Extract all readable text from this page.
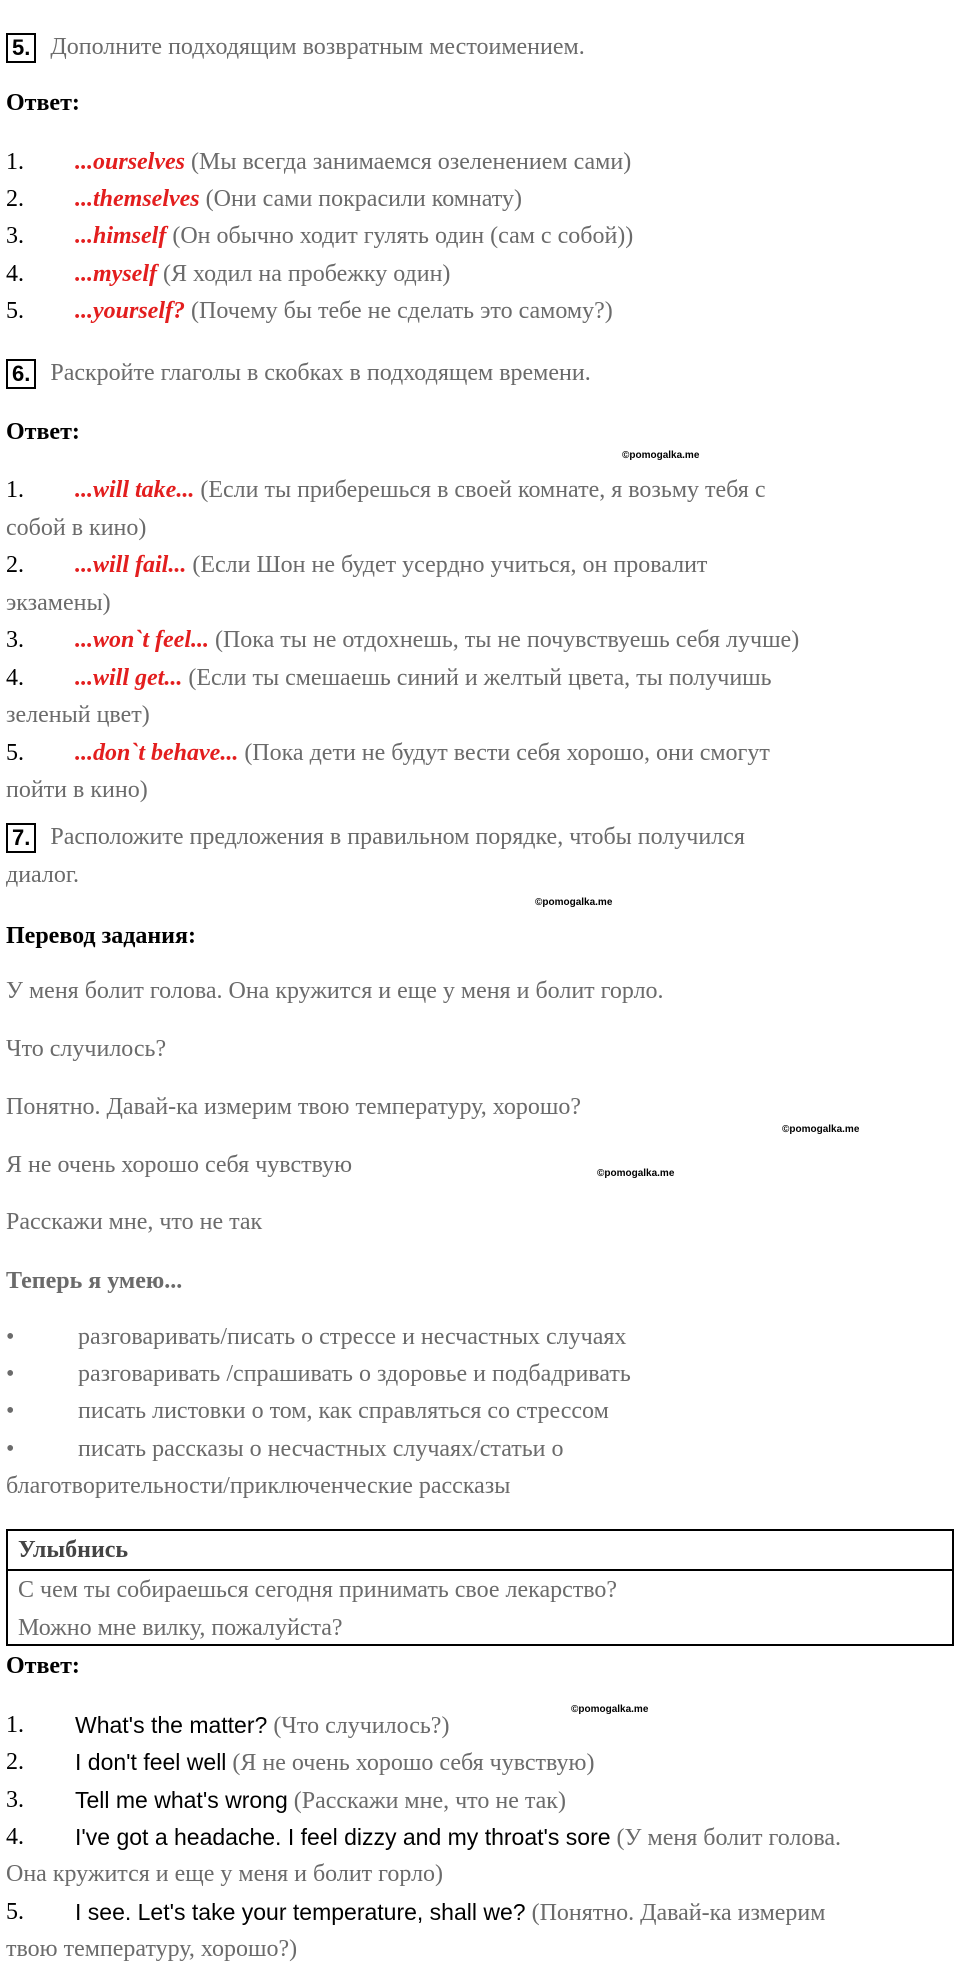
5. Дополните подходящим возвратным местоимением.
Ответ:
1. ...ourselves (Мы всегда занимаемся озеленением сами)
2. ...themselves (Они сами покрасили комнату)
3. ...himself (Он обычно ходит гулять один (сам с собой))
4. ...myself (Я ходил на пробежку один)
5. ...yourself? (Почему бы тебе не сделать это самому?)
6. Раскройте глаголы в скобках в подходящем времени.
Ответ:
©pomogalka.me
1. ...will take... (Если ты приберешься в своей комнате, я возьму тебя с
собой в кино)
2. ...will fail... (Если Шон не будет усердно учиться, он провалит
экзамены)
3. ...won`t feel... (Пока ты не отдохнешь, ты не почувствуешь себя лучше)
4. ...will get... (Если ты смешаешь синий и желтый цвета, ты получишь
зеленый цвет)
5. ...don`t behave... (Пока дети не будут вести себя хорошо, они смогут
пойти в кино)
7. Расположите предложения в правильном порядке, чтобы получился
диалог.
©pomogalka.me
Перевод задания:
У меня болит голова. Она кружится и еще у меня и болит горло.
Что случилось?
Понятно. Давай-ка измерим твою температуру, хорошо?
©pomogalka.me
Я не очень хорошо себя чувствую	©pomogalka.me
Расскажи мне, что не так
Теперь я умею...
•	разговаривать/писать о стрессе и несчастных случаях
•	разговаривать /спрашивать о здоровье и подбадривать
•	писать листовки о том, как справляться со стрессом
•	писать рассказы о несчастных случаях/статьи о
благотворительности/приключенческие рассказы
Улыбнись
С чем ты собираешься сегодня принимать свое лекарство?
Можно мне вилку, пожалуйста?
Ответ:
©pomogalka.me
1. What's the matter? (Что случилось?)
2. I don't feel well (Я не очень хорошо себя чувствую)
3. Tell me what's wrong (Расскажи мне, что не так)
4. I've got a headache. I feel dizzy and my throat's sore (У меня болит голова.
Она кружится и еще у меня и болит горло)
5. I see. Let's take your temperature, shall we? (Понятно. Давай-ка измерим
твою температуру, хорошо?)
